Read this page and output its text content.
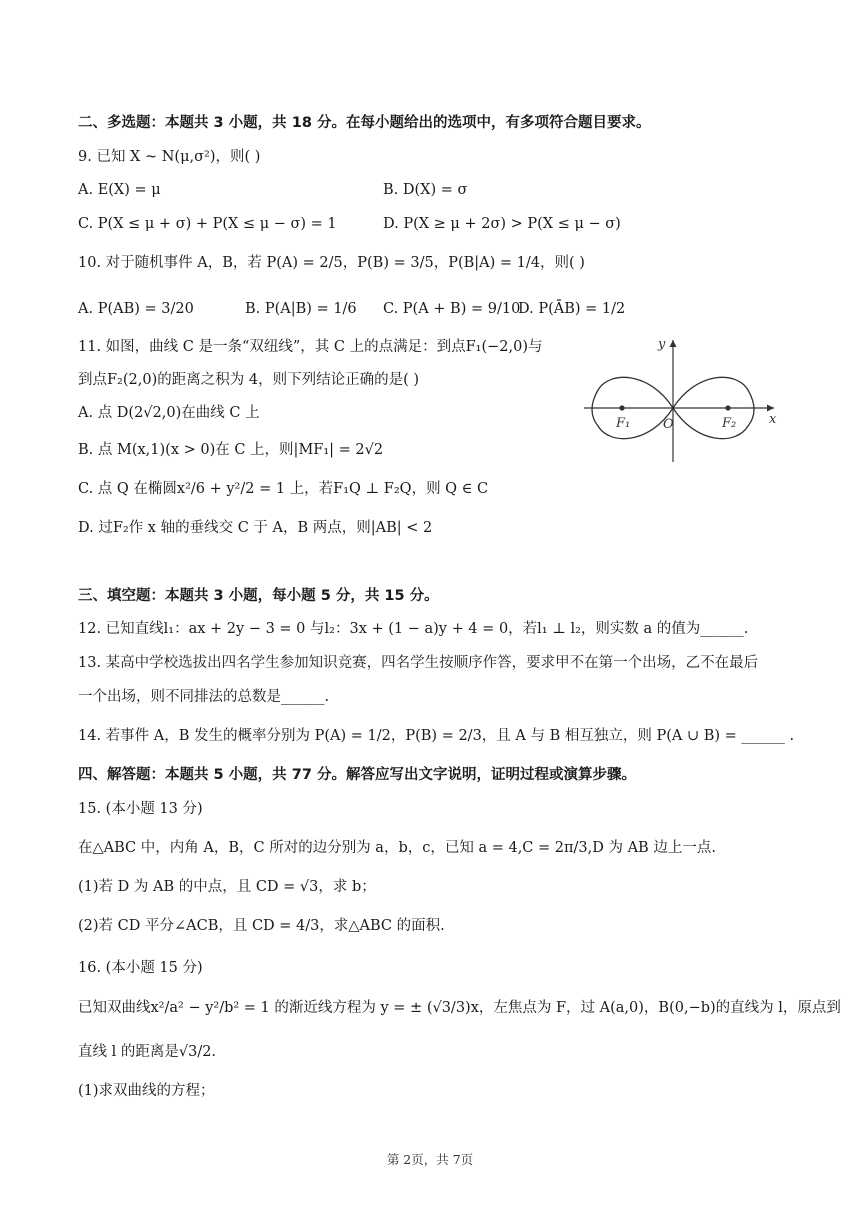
二、多选题：本题共 3 小题，共 18 分。在每小题给出的选项中，有多项符合题目要求。
9. 已知 X ~ N(μ,σ²)，则( )
A. E(X) = μ	B. D(X) = σ
C. P(X ≤ μ + σ) + P(X ≤ μ − σ) = 1	D. P(X ≥ μ + 2σ) > P(X ≤ μ − σ)
10. 对于随机事件 A，B，若 P(A) = 2/5，P(B) = 3/5，P(B|A) = 1/4，则( )
A. P(AB) = 3/20	B. P(A|B) = 1/6 C. P(A + B) = 9/10
D. P(ĀB) = 1/2
11. 如图，曲线 C 是一条“双纽线”，其 C 上的点满足：到点F₁(−2,0)与
到点F₂(2,0)的距离之积为 4，则下列结论正确的是( )
A. 点 D(2√2,0)在曲线 C 上
B. 点 M(x,1)(x > 0)在 C 上，则|MF₁| = 2√2
C. 点 Q 在椭圆x²/6 + y²/2 = 1 上，若F₁Q ⊥ F₂Q，则 Q ∈ C
D. 过F₂作 x 轴的垂线交 C 于 A，B 两点，则|AB| < 2
y
x
F₁	F₂
O
三、填空题：本题共 3 小题，每小题 5 分，共 15 分。
12. 已知直线l₁：ax + 2y − 3 = 0 与l₂：3x + (1 − a)y + 4 = 0，若l₁ ⊥ l₂，则实数 a 的值为______.
13. 某高中学校选拔出四名学生参加知识竞赛，四名学生按顺序作答，要求甲不在第一个出场，乙不在最后
一个出场，则不同排法的总数是______.
14. 若事件 A，B 发生的概率分别为 P(A) = 1/2，P(B) = 2/3，且 A 与 B 相互独立，则 P(A ∪ B) = ______ .
四、解答题：本题共 5 小题，共 77 分。解答应写出文字说明，证明过程或演算步骤。
15. (本小题 13 分)
在△ABC 中，内角 A，B，C 所对的边分别为 a，b，c，已知 a = 4,C = 2π/3,D 为 AB 边上一点.
(1)若 D 为 AB 的中点，且 CD = √3，求 b；
(2)若 CD 平分∠ACB，且 CD = 4/3，求△ABC 的面积.
16. (本小题 15 分)
已知双曲线x²/a² − y²/b² = 1 的渐近线方程为 y = ± (√3/3)x，左焦点为 F，过 A(a,0)，B(0,−b)的直线为 l，原点到
直线 l 的距离是√3/2.
(1)求双曲线的方程；
第 2页，共 7页
